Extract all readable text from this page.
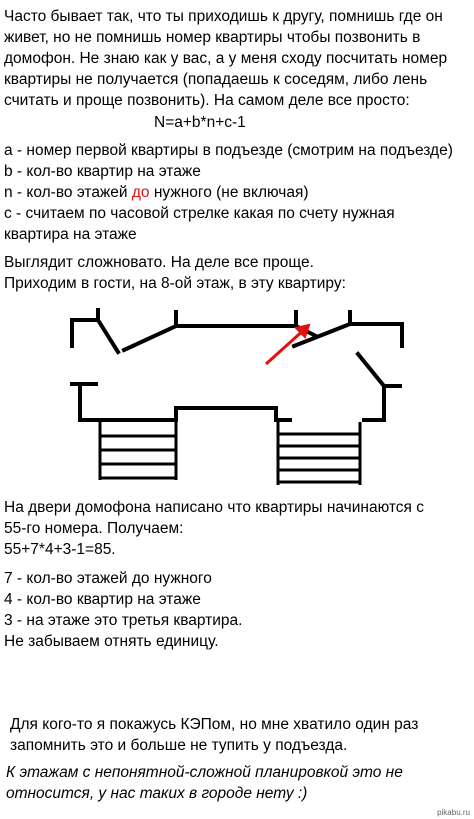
Часто бывает так, что ты приходишь к другу, помнишь где он
живет, но не помнишь номер квартиры чтобы позвонить в
домофон. Не знаю как у вас, а у меня сходу посчитать номер
квартиры не получается (попадаешь к соседям, либо лень
считать и проще позвонить). На самом деле все просто:
N=a+b*n+c-1
a - номер первой квартиры в подъезде (смотрим на подъезде)
b - кол-во квартир на этаже
n - кол-во этажей до нужного (не включая)
c - считаем по часовой стрелке какая по счету нужная
квартира на этаже
Выглядит сложновато. На деле все проще.
Приходим в гости, на 8-ой этаж, в эту квартиру:
На двери домофона написано что квартиры начинаются с
55-го номера. Получаем:
55+7*4+3-1=85.
7 - кол-во этажей до нужного
4 - кол-во квартир на этаже
3 - на этаже это третья квартира.
Не забываем отнять единицу.
Для кого-то я покажусь КЭПом, но мне хватило один раз
запомнить это и больше не тупить у подъезда.
К этажам с непонятной-сложной планировкой это не
относится, у нас таких в городе нету :)
pikabu.ru
